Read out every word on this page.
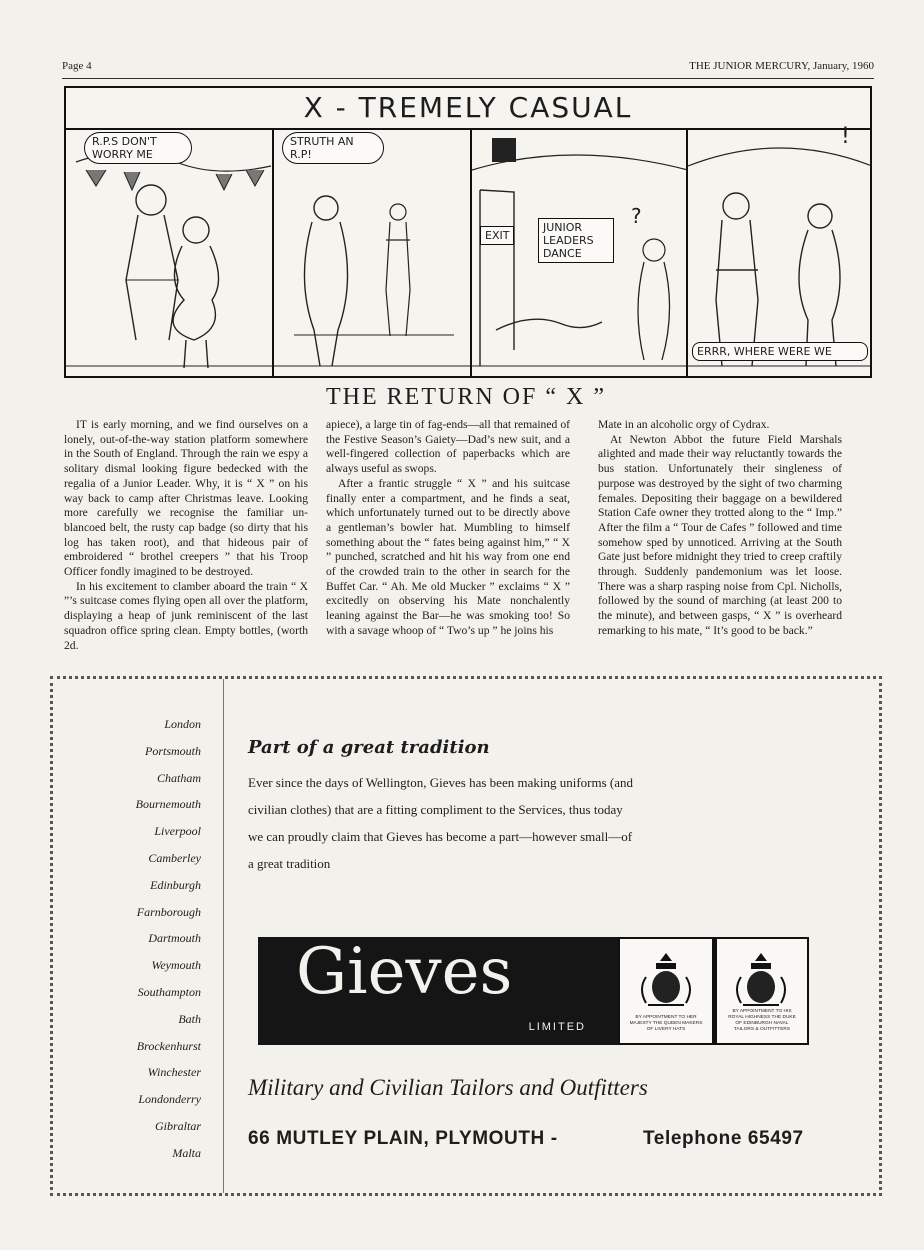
Page 4	THE JUNIOR MERCURY, January, 1960
X - TREMELY CASUAL
R.P.S DON'T WORRY ME
STRUTH AN R.P!
EXIT
JUNIOR LEADERS DANCE
?
!
ERRR, WHERE WERE WE
THE RETURN OF “ X ”

IT is early morning, and we find ourselves on a lonely, out-of-the-way station platform somewhere in the South of England. Through the rain we espy a solitary dismal looking figure bedecked with the regalia of a Junior Leader. Why, it is “ X ” on his way back to camp after Christmas leave. Looking more carefully we recognise the familiar un-blancoed belt, the rusty cap badge (so dirty that his log has taken root), and that hideous pair of embroidered “ brothel creepers ” that his Troop Officer fondly imagined to be destroyed.

In his excitement to clamber aboard the train “ X ”’s suitcase comes flying open all over the platform, displaying a heap of junk reminiscent of the last squadron office spring clean. Empty bottles, (worth 2d.

apiece), a large tin of fag-ends—all that remained of the Festive Season’s Gaiety—Dad’s new suit, and a well-fingered collection of paperbacks which are always useful as swops.

After a frantic struggle “ X ” and his suitcase finally enter a compartment, and he finds a seat, which unfortunately turned out to be directly above a gentleman’s bowler hat. Mumbling to himself something about the “ fates being against him,” “ X ” punched, scratched and hit his way from one end of the crowded train to the other in search for the Buffet Car. “ Ah. Me old Mucker ” exclaims “ X ” excitedly on observing his Mate nonchalently leaning against the Bar—he was smoking too! So with a savage whoop of “ Two’s up ” he joins his

Mate in an alcoholic orgy of Cydrax.

At Newton Abbot the future Field Marshals alighted and made their way reluctantly towards the bus station. Unfortunately their singleness of purpose was destroyed by the sight of two charming females. Depositing their baggage on a bewildered Station Cafe owner they trotted along to the “ Imp.” After the film a “ Tour de Cafes ” followed and time somehow sped by unnoticed. Arriving at the South Gate just before midnight they tried to creep craftily through. Suddenly pandemonium was let loose. There was a sharp rasping noise from Cpl. Nicholls, followed by the sound of marching (at least 200 to the minute), and between gasps, “ X ” is overheard remarking to his mate, “ It’s good to be back.”

London
Portsmouth
Chatham
Bournemouth
Liverpool
Camberley
Edinburgh
Farnborough
Dartmouth
Weymouth
Southampton
Bath
Brockenhurst
Winchester
Londonderry
Gibraltar
Malta
Part of a great tradition
Ever since the days of Wellington, Gieves has been making uniforms (and civilian clothes) that are a fitting compliment to the Services, thus today we can proudly claim that Gieves has become a part—however small—of a great tradition
Gieves
LIMITED
BY APPOINTMENT TO HER MAJESTY THE QUEEN MAKERS OF LIVERY HATS
BY APPOINTMENT TO HIS ROYAL HIGHNESS THE DUKE OF EDINBURGH NAVAL TAILORS & OUTFITTERS
Military and Civilian Tailors and Outfitters
66 MUTLEY PLAIN, PLYMOUTH -	Telephone 65497
